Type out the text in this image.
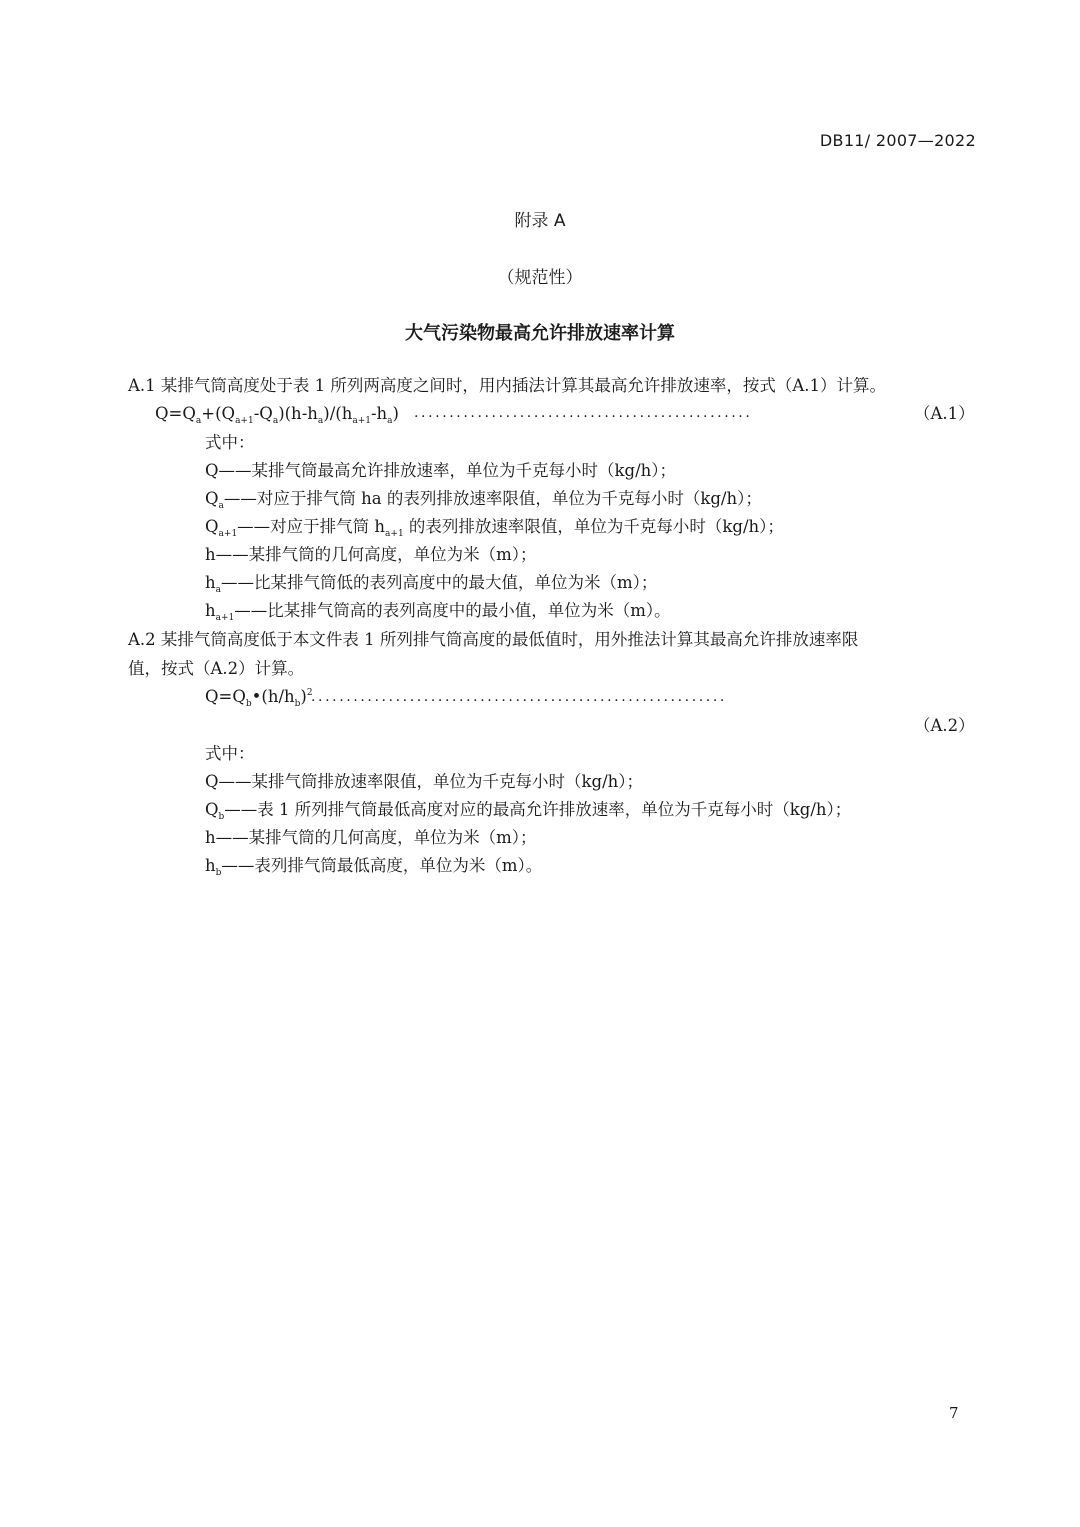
DB11/ 2007—2022
附录 A
（规范性）
大气污染物最高允许排放速率计算
A.1 某排气筒高度处于表 1 所列两高度之间时，用内插法计算其最高允许排放速率，按式（A.1）计算。
$Q=Q_a+(Q_{a+1}-Q_a)(h-h_a)/(h_{a+1}-h_a)$ ................................................	（A.1）
式中：
Q——某排气筒最高允许排放速率，单位为千克每小时（kg/h）；
$Q_a——$对应于排气筒 ha 的表列排放速率限值，单位为千克每小时（kg/h）；
$Q_{a+1}——$对应于排气筒 $h_{a+1}$ 的表列排放速率限值，单位为千克每小时（kg/h）；
h——某排气筒的几何高度，单位为米（m）；
$h_a——$比某排气筒低的表列高度中的最大值，单位为米（m）；
$h_{a+1}——$比某排气筒高的表列高度中的最小值，单位为米（m）。
A.2 某排气筒高度低于本文件表 1 所列排气筒高度的最低值时，用外推法计算其最高允许排放速率限
值，按式（A.2）计算。
$Q=Q_b•(h/h_b)^2$
...........................................................
（A.2）
式中：
Q——某排气筒排放速率限值，单位为千克每小时（kg/h）；
$Q_b——$表 1 所列排气筒最低高度对应的最高允许排放速率，单位为千克每小时（kg/h）；
h——某排气筒的几何高度，单位为米（m）；
$h_b——$表列排气筒最低高度，单位为米（m）。
7
